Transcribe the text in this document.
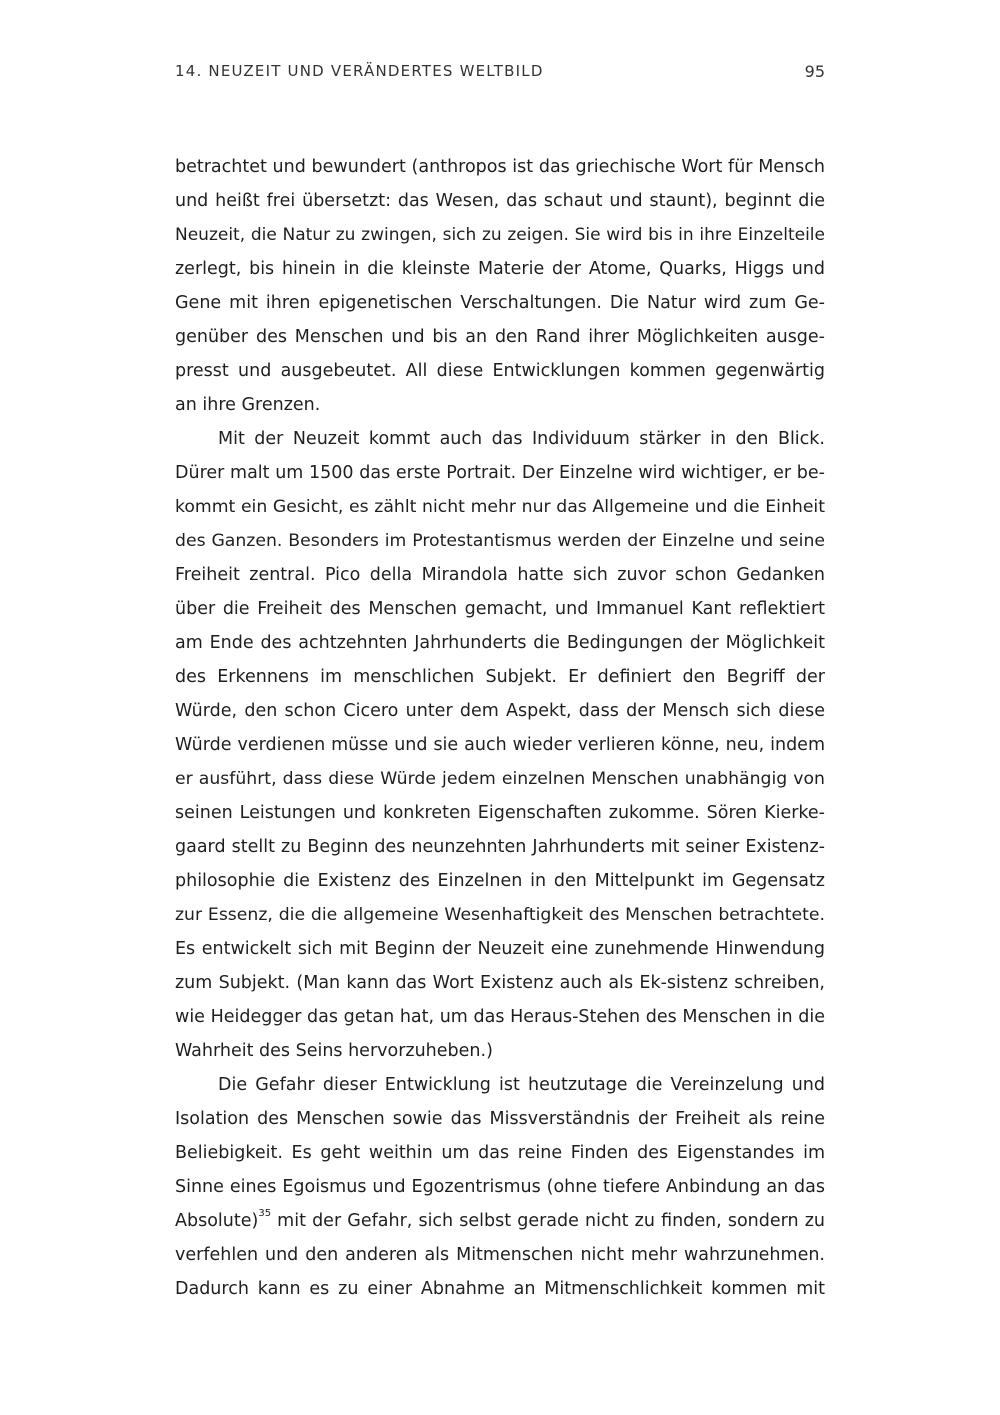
14. NEUZEIT UND VERÄNDERTES WELTBILD	95
betrachtet und bewundert (anthropos ist das griechische Wort für Mensch
und heißt frei übersetzt: das Wesen, das schaut und staunt), beginnt die
Neuzeit, die Natur zu zwingen, sich zu zeigen. Sie wird bis in ihre Einzelteile
zerlegt, bis hinein in die kleinste Materie der Atome, Quarks, Higgs und
Gene mit ihren epigenetischen Verschaltungen. Die Natur wird zum Ge-
genüber des Menschen und bis an den Rand ihrer Möglichkeiten ausge-
presst und ausgebeutet. All diese Entwicklungen kommen gegenwärtig
an ihre Grenzen.
Mit der Neuzeit kommt auch das Individuum stärker in den Blick.
Dürer malt um 1500 das erste Portrait. Der Einzelne wird wichtiger, er be-
kommt ein Gesicht, es zählt nicht mehr nur das Allgemeine und die Einheit
des Ganzen. Besonders im Protestantismus werden der Einzelne und seine
Freiheit zentral. Pico della Mirandola hatte sich zuvor schon Gedanken
über die Freiheit des Menschen gemacht, und Immanuel Kant reflektiert
am Ende des achtzehnten Jahrhunderts die Bedingungen der Möglichkeit
des Erkennens im menschlichen Subjekt. Er definiert den Begriff der
Würde, den schon Cicero unter dem Aspekt, dass der Mensch sich diese
Würde verdienen müsse und sie auch wieder verlieren könne, neu, indem
er ausführt, dass diese Würde jedem einzelnen Menschen unabhängig von
seinen Leistungen und konkreten Eigenschaften zukomme. Sören Kierke-
gaard stellt zu Beginn des neunzehnten Jahrhunderts mit seiner Existenz-
philosophie die Existenz des Einzelnen in den Mittelpunkt im Gegensatz
zur Essenz, die die allgemeine Wesenhaftigkeit des Menschen betrachtete.
Es entwickelt sich mit Beginn der Neuzeit eine zunehmende Hinwendung
zum Subjekt. (Man kann das Wort Existenz auch als Ek-sistenz schreiben,
wie Heidegger das getan hat, um das Heraus-Stehen des Menschen in die
Wahrheit des Seins hervorzuheben.)
Die Gefahr dieser Entwicklung ist heutzutage die Vereinzelung und
Isolation des Menschen sowie das Missverständnis der Freiheit als reine
Beliebigkeit. Es geht weithin um das reine Finden des Eigenstandes im
Sinne eines Egoismus und Egozentrismus (ohne tiefere Anbindung an das
Absolute)$^{35}$ mit der Gefahr, sich selbst gerade nicht zu finden, sondern zu
verfehlen und den anderen als Mitmenschen nicht mehr wahrzunehmen.
Dadurch kann es zu einer Abnahme an Mitmenschlichkeit kommen mit
